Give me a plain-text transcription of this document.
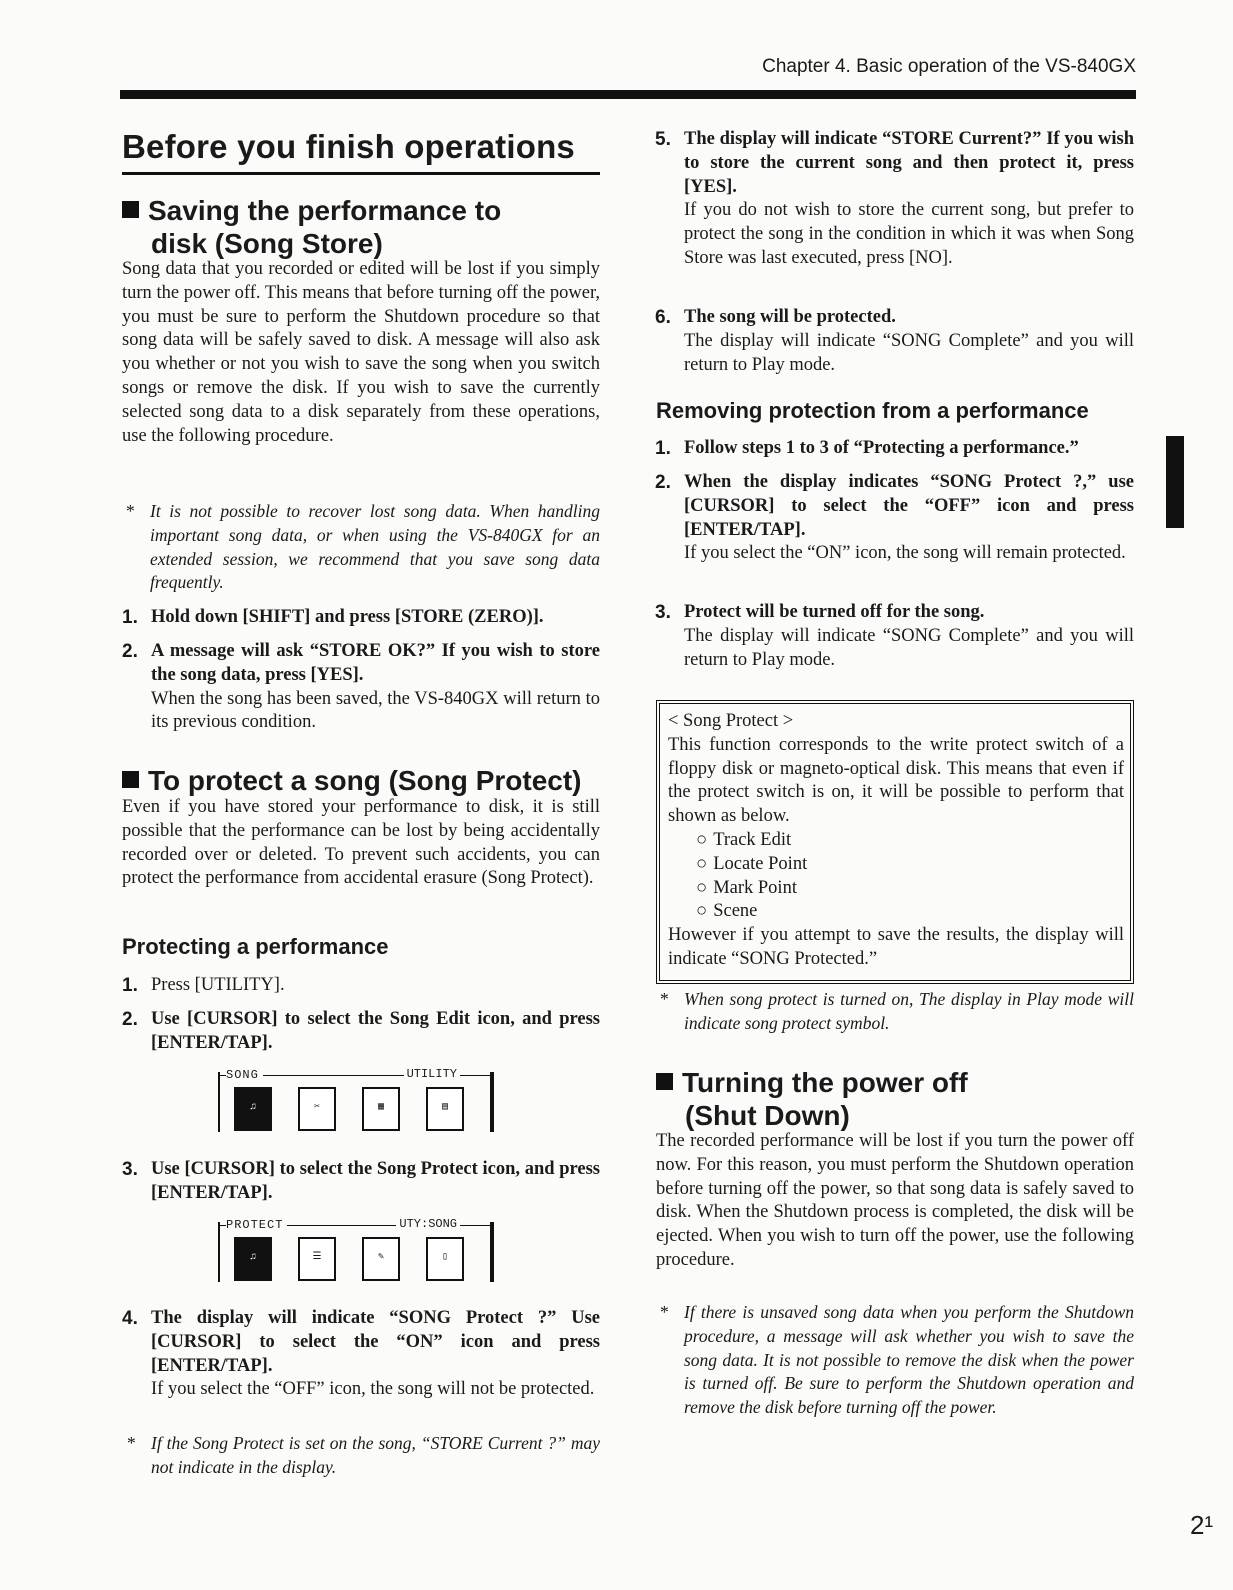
Chapter 4. Basic operation of the VS-840GX
Before you finish operations
Saving the performance to
disk (Song Store)
Song data that you recorded or edited will be lost if you simply turn the power off. This means that before turning off the power, you must be sure to perform the Shutdown procedure so that song data will be safely saved to disk. A message will also ask you whether or not you wish to save the song when you switch songs or remove the disk. If you wish to save the currently selected song data to a disk separately from these operations, use the following procedure.
* It is not possible to recover lost song data. When handling important song data, or when using the VS-840GX for an extended session, we recommend that you save song data frequently.
1. Hold down [SHIFT] and press [STORE (ZERO)].
2. A message will ask “STORE OK?” If you wish to store the song data, press [YES].
When the song has been saved, the VS-840GX will return to its previous condition.
To protect a song (Song Protect)
Even if you have stored your performance to disk, it is still possible that the performance can be lost by being accidentally recorded over or deleted. To prevent such accidents, you can protect the performance from accidental erasure (Song Protect).
Protecting a performance
1. Press [UTILITY].
2. Use [CURSOR] to select the Song Edit icon, and press [ENTER/TAP].
SONG	UTILITY
♫	✂	▦	▤
3. Use [CURSOR] to select the Song Protect icon, and press [ENTER/TAP].
PROTECT	UTY:SONG
♫	☰	✎	▯
4. The display will indicate “SONG Protect ?” Use [CURSOR] to select the “ON” icon and press [ENTER/TAP].
If you select the “OFF” icon, the song will not be protected.
* If the Song Protect is set on the song, “STORE Current ?” may not indicate in the display.
5. The display will indicate “STORE Current?” If you wish to store the current song and then protect it, press [YES].
If you do not wish to store the current song, but prefer to protect the song in the condition in which it was when Song Store was last executed, press [NO].
6. The song will be protected.
The display will indicate “SONG Complete” and you will return to Play mode.
Removing protection from a performance
1. Follow steps 1 to 3 of “Protecting a performance.”
2. When the display indicates “SONG Protect ?,” use [CURSOR] to select the “OFF” icon and press [ENTER/TAP].
If you select the “ON” icon, the song will remain protected.
3. Protect will be turned off for the song.
The display will indicate “SONG Complete” and you will return to Play mode.
< Song Protect >
This function corresponds to the write protect switch of a floppy disk or magneto-optical disk. This means that even if the protect switch is on, it will be possible to perform that shown as below.
○ Track Edit
○ Locate Point
○ Mark Point
○ Scene
However if you attempt to save the results, the display will indicate “SONG Protected.”
* When song protect is turned on, The display in Play mode will indicate song protect symbol.
Turning the power off
(Shut Down)
The recorded performance will be lost if you turn the power off now. For this reason, you must perform the Shutdown operation before turning off the power, so that song data is safely saved to disk. When the Shutdown process is completed, the disk will be ejected. When you wish to turn off the power, use the following procedure.
* If there is unsaved song data when you perform the Shutdown procedure, a message will ask whether you wish to save the song data. It is not possible to remove the disk when the power is turned off. Be sure to perform the Shutdown operation and remove the disk before turning off the power.
2¹
